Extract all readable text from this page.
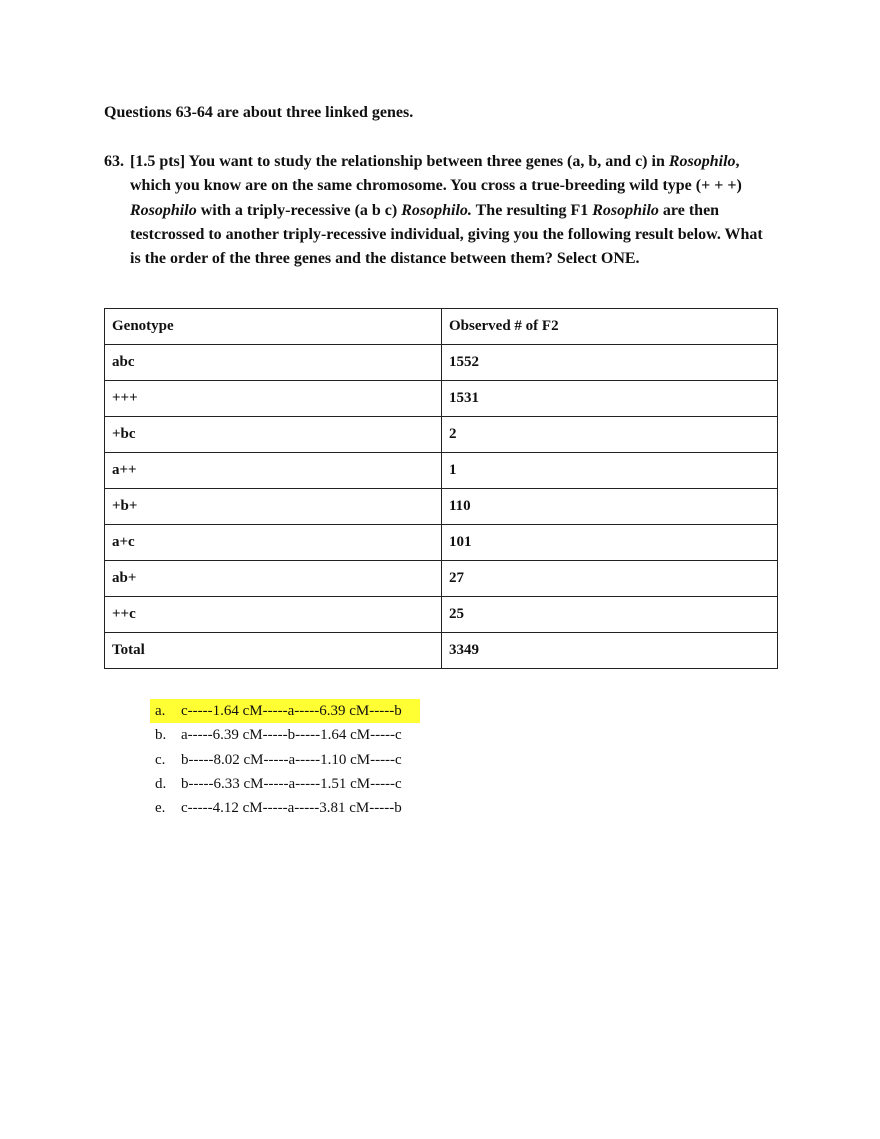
Questions 63-64 are about three linked genes.
63. [1.5 pts] You want to study the relationship between three genes (a, b, and c) in Rosophilo, which you know are on the same chromosome. You cross a true-breeding wild type (+ + +) Rosophilo with a triply-recessive (a b c) Rosophilo. The resulting F1 Rosophilo are then testcrossed to another triply-recessive individual, giving you the following result below. What is the order of the three genes and the distance between them? Select ONE.
Genotype	Observed # of F2
abc	1552
+++	1531
+bc	2
a++	1
+b+	110
a+c	101
ab+	27
++c	25
Total	3349
a.	c-----1.64 cM-----a-----6.39 cM-----b
b. a-----6.39 cM-----b-----1.64 cM-----c
c.	b-----8.02 cM-----a-----1.10 cM-----c
d. b-----6.33 cM-----a-----1.51 cM-----c
e.	c-----4.12 cM-----a-----3.81 cM-----b
